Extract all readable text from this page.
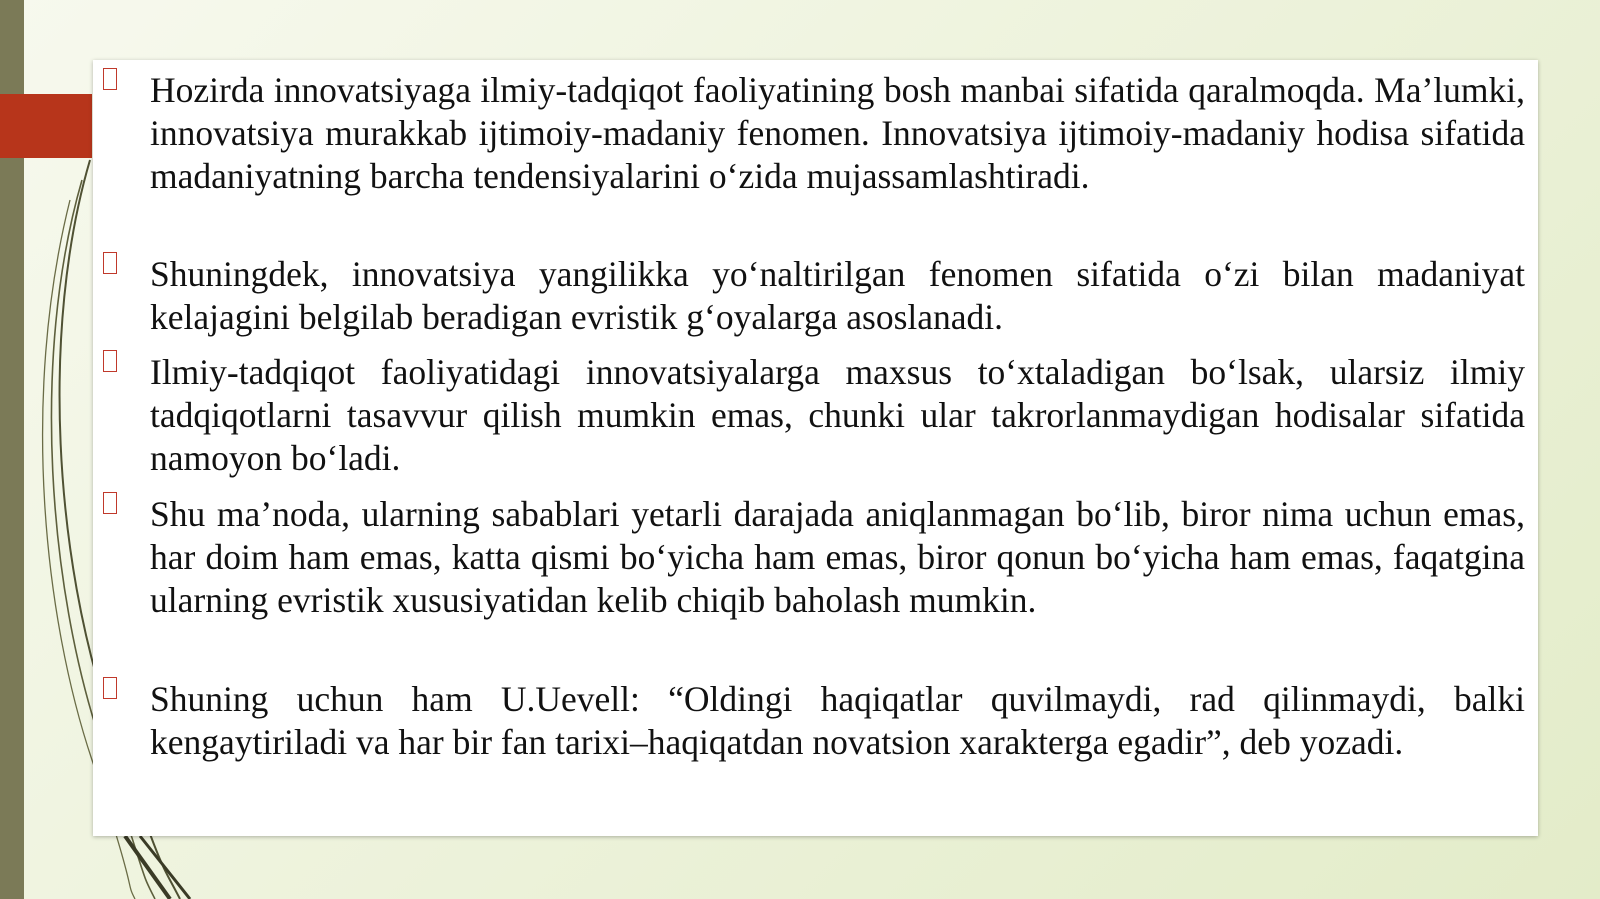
Hozirda innovatsiyaga ilmiy-tadqiqot faoliyatining bosh manbai sifatida qaralmoqda. Ma’lumki, innovatsiya murakkab ijtimoiy-madaniy fenomen. Innovatsiya ijtimoiy-madaniy hodisa sifatida madaniyatning barcha tendensiyalarini o‘zida mujassamlashtiradi.

Shuningdek, innovatsiya yangilikka yo‘naltirilgan fenomen sifatida o‘zi bilan madaniyat kelajagini belgilab beradigan evristik g‘oyalarga asoslanadi.

Ilmiy-tadqiqot faoliyatidagi innovatsiyalarga maxsus to‘xtaladigan bo‘lsak, ularsiz ilmiy tadqiqotlarni tasavvur qilish mumkin emas, chunki ular takrorlanmaydigan hodisalar sifatida namoyon bo‘ladi.

Shu ma’noda, ularning sabablari yetarli darajada aniqlanmagan bo‘lib, biror nima uchun emas, har doim ham emas, katta qismi bo‘yicha ham emas, biror qonun bo‘yicha ham emas, faqatgina ularning evristik xususiyatidan kelib chiqib baholash mumkin.

Shuning uchun ham U.Uevell: “Oldingi haqiqatlar quvilmaydi, rad qilinmaydi, balki kengaytiriladi va har bir fan tarixi–haqiqatdan novatsion xarakterga egadir”, deb yozadi.
